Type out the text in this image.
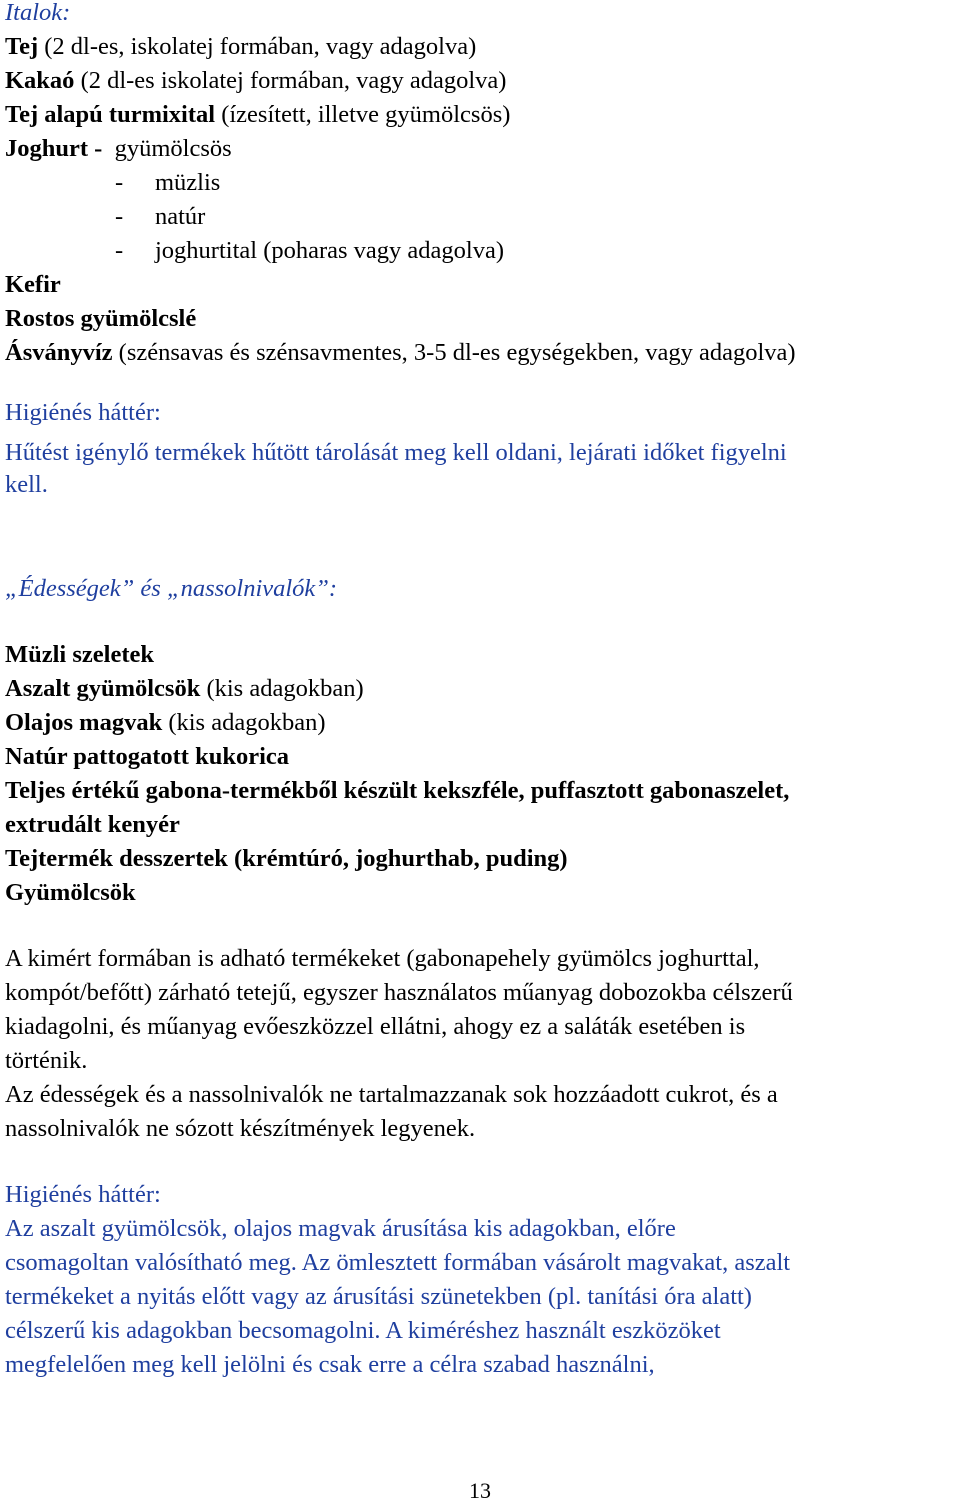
Italok:
Tej (2 dl-es, iskolatej formában, vagy adagolva)
Kakaó (2 dl-es iskolatej formában, vagy adagolva)
Tej alapú turmixital (ízesített, illetve gyümölcsös)
Joghurt - gyümölcsös
- müzlis
- natúr
- joghurtital (poharas vagy adagolva)
Kefir
Rostos gyümölcslé
Ásványvíz (szénsavas és szénsavmentes, 3-5 dl-es egységekben, vagy adagolva)
Higiénés háttér:
Hűtést igénylő termékek hűtött tárolását meg kell oldani, lejárati időket figyelni
kell.
„Édességek” és „nassolnivalók”:
Müzli szeletek
Aszalt gyümölcsök (kis adagokban)
Olajos magvak (kis adagokban)
Natúr pattogatott kukorica
Teljes értékű gabona-termékből készült kekszféle, puffasztott gabonaszelet,
extrudált kenyér
Tejtermék desszertek (krémtúró, joghurthab, puding)
Gyümölcsök
A kimért formában is adható termékeket (gabonapehely gyümölcs joghurttal,
kompót/befőtt) zárható tetejű, egyszer használatos műanyag dobozokba célszerű
kiadagolni, és műanyag evőeszközzel ellátni, ahogy ez a saláták esetében is
történik.
Az édességek és a nassolnivalók ne tartalmazzanak sok hozzáadott cukrot, és a
nassolnivalók ne sózott készítmények legyenek.
Higiénés háttér:
Az aszalt gyümölcsök, olajos magvak árusítása kis adagokban, előre
csomagoltan valósítható meg. Az ömlesztett formában vásárolt magvakat, aszalt
termékeket a nyitás előtt vagy az árusítási szünetekben (pl. tanítási óra alatt)
célszerű kis adagokban becsomagolni. A kiméréshez használt eszközöket
megfelelően meg kell jelölni és csak erre a célra szabad használni,
13
